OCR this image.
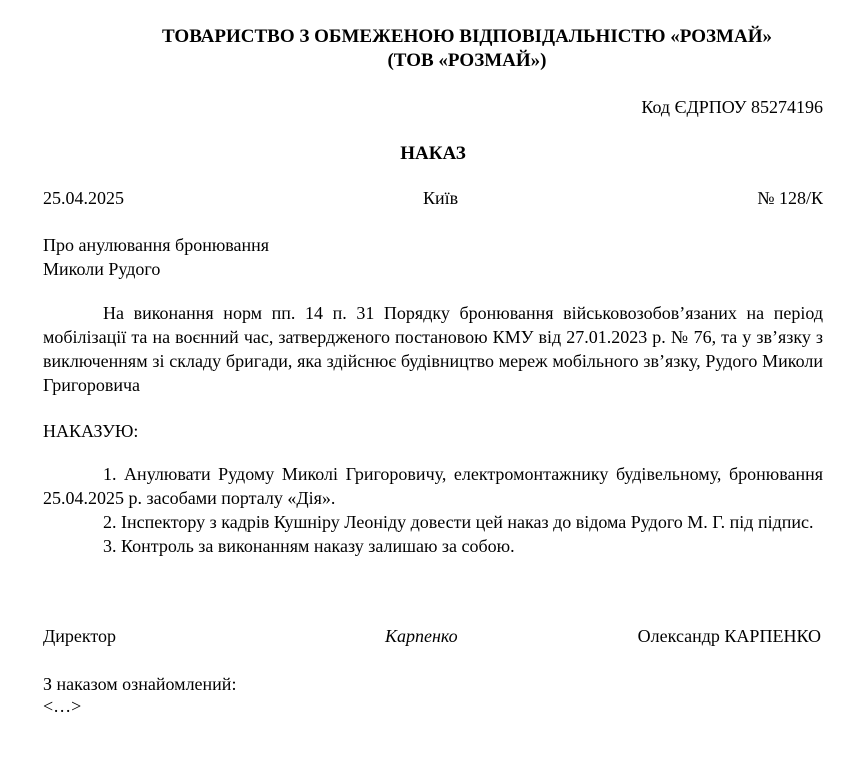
ТОВАРИСТВО З ОБМЕЖЕНОЮ ВІДПОВІДАЛЬНІСТЮ «РОЗМАЙ»
(ТОВ «РОЗМАЙ»)
Код ЄДРПОУ 85274196
НАКАЗ
25.04.2025	Київ	№ 128/К
Про анулювання бронювання
Миколи Рудого
На виконання норм пп. 14 п. 31 Порядку бронювання військовозобов’язаних на період мобілізації та на воєнний час, затвердженого постановою КМУ від 27.01.2023 р. № 76, та у зв’язку з виключенням зі складу бригади, яка здійснює будівництво мереж мобільного зв’язку, Рудого Миколи Григоровича
НАКАЗУЮ:
1. Анулювати Рудому Миколі Григоровичу, електромонтажнику будівельному, бронювання 25.04.2025 р. засобами порталу «Дія».
2. Інспектору з кадрів Кушніру Леоніду довести цей наказ до відома Рудого М. Г. під підпис.
3. Контроль за виконанням наказу залишаю за собою.
Директор	Карпенко	Олександр КАРПЕНКО
З наказом ознайомлений:
<…>
